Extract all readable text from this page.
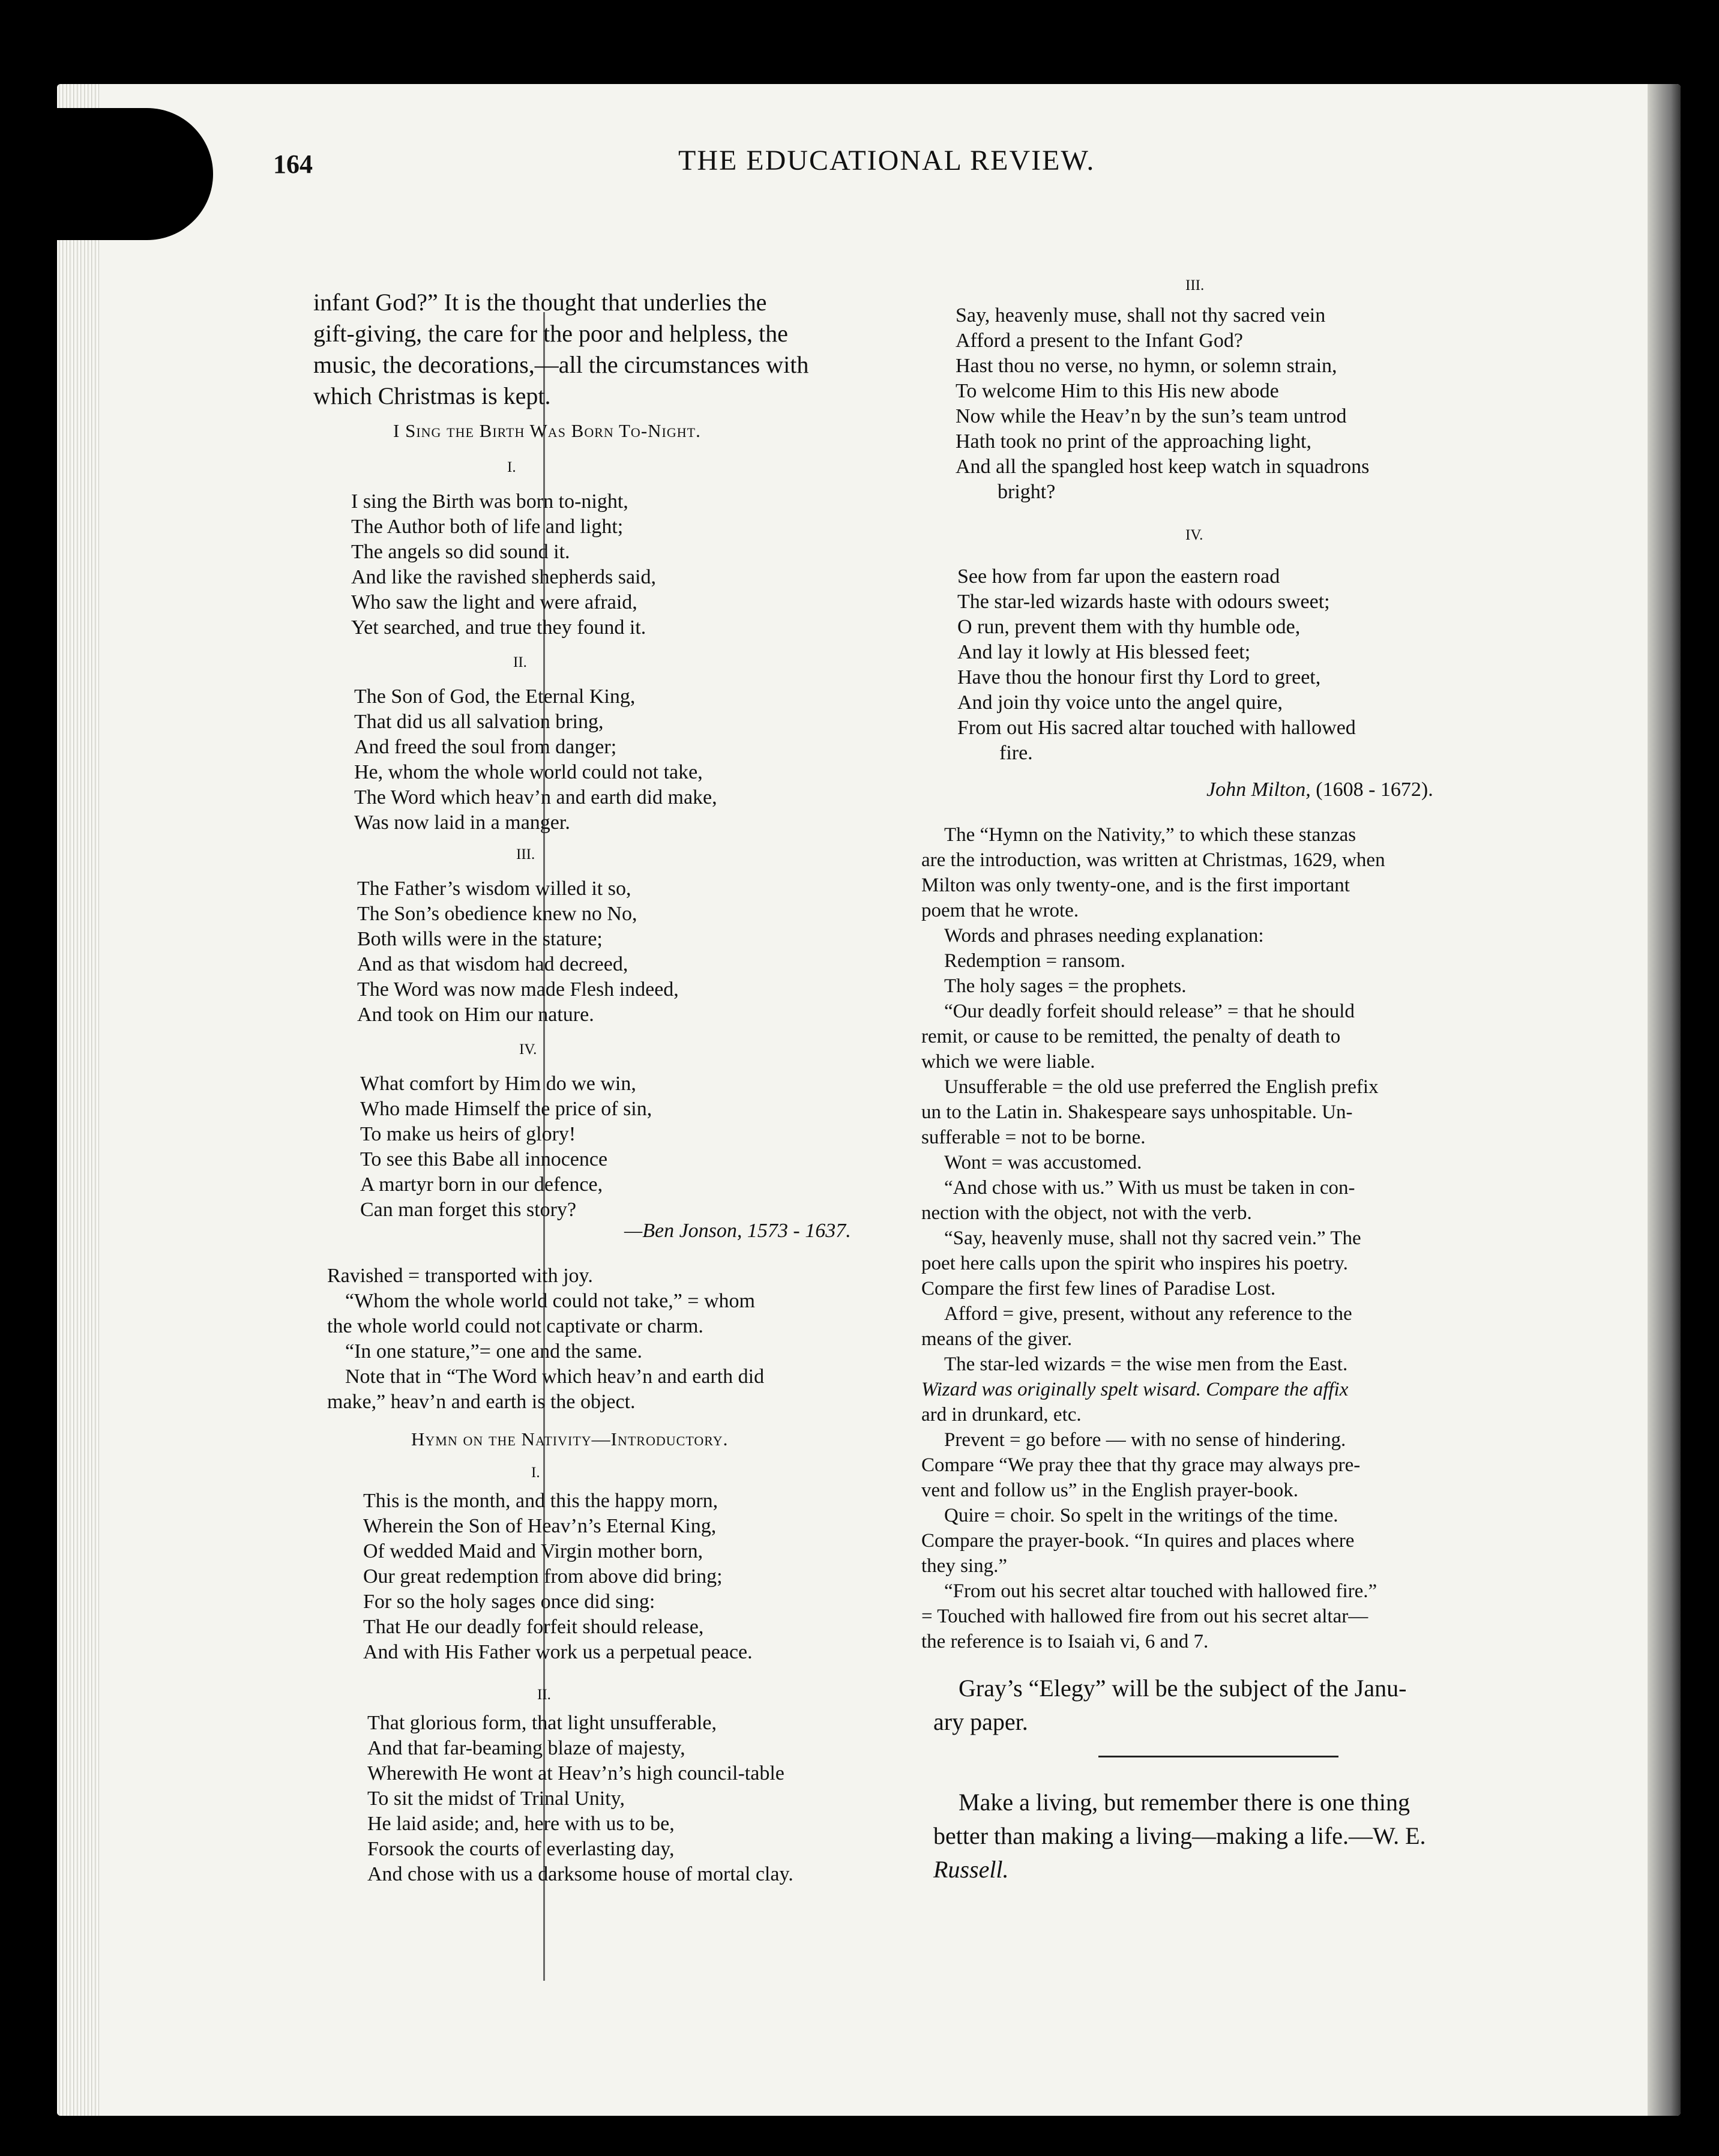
164	THE EDUCATIONAL REVIEW.
infant God?” It is the thought that underlies the
gift-giving, the care for the poor and helpless, the
music, the decorations,—all the circumstances with
which Christmas is kept.
I Sing the Birth Was Born To-Night.
I.
I sing the Birth was born to-night,
The Author both of life and light;
The angels so did sound it.
And like the ravished shepherds said,
Who saw the light and were afraid,
Yet searched, and true they found it.
II.
The Son of God, the Eternal King,
That did us all salvation bring,
And freed the soul from danger;
He, whom the whole world could not take,
The Word which heav’n and earth did make,
Was now laid in a manger.
III.
The Father’s wisdom willed it so,
The Son’s obedience knew no No,
Both wills were in the stature;
And as that wisdom had decreed,
The Word was now made Flesh indeed,
And took on Him our nature.
IV.
What comfort by Him do we win,
Who made Himself the price of sin,
To make us heirs of glory!
To see this Babe all innocence
A martyr born in our defence,
Can man forget this story?
—Ben Jonson, 1573 - 1637.
Ravished = transported with joy.
“Whom the whole world could not take,” = whom
the whole world could not captivate or charm.
“In one stature,”= one and the same.
Note that in “The Word which heav’n and earth did
make,” heav’n and earth is the object.
Hymn on the Nativity—Introductory.
I.
This is the month, and this the happy morn,
Wherein the Son of Heav’n’s Eternal King,
Of wedded Maid and Virgin mother born,
Our great redemption from above did bring;
For so the holy sages once did sing:
That He our deadly forfeit should release,
And with His Father work us a perpetual peace.
II.
That glorious form, that light unsufferable,
And that far-beaming blaze of majesty,
Wherewith He wont at Heav’n’s high council-table
To sit the midst of Trinal Unity,
He laid aside; and, here with us to be,
Forsook the courts of everlasting day,
And chose with us a darksome house of mortal clay.
III.
Say, heavenly muse, shall not thy sacred vein
Afford a present to the Infant God?
Hast thou no verse, no hymn, or solemn strain,
To welcome Him to this His new abode
Now while the Heav’n by the sun’s team untrod
Hath took no print of the approaching light,
And all the spangled host keep watch in squadrons
bright?
IV.
See how from far upon the eastern road
The star-led wizards haste with odours sweet;
O run, prevent them with thy humble ode,
And lay it lowly at His blessed feet;
Have thou the honour first thy Lord to greet,
And join thy voice unto the angel quire,
From out His sacred altar touched with hallowed
fire.
John Milton, (1608 - 1672).
The “Hymn on the Nativity,” to which these stanzas
are the introduction, was written at Christmas, 1629, when
Milton was only twenty-one, and is the first important
poem that he wrote.
Words and phrases needing explanation:
Redemption = ransom.
The holy sages = the prophets.
“Our deadly forfeit should release” = that he should
remit, or cause to be remitted, the penalty of death to
which we were liable.
Unsufferable = the old use preferred the English prefix
un to the Latin in. Shakespeare says unhospitable. Un-
sufferable = not to be borne.
Wont = was accustomed.
“And chose with us.” With us must be taken in con-
nection with the object, not with the verb.
“Say, heavenly muse, shall not thy sacred vein.” The
poet here calls upon the spirit who inspires his poetry.
Compare the first few lines of Paradise Lost.
Afford = give, present, without any reference to the
means of the giver.
The star-led wizards = the wise men from the East.
Wizard was originally spelt wisard. Compare the affix
ard in drunkard, etc.
Prevent = go before — with no sense of hindering.
Compare “We pray thee that thy grace may always pre-
vent and follow us” in the English prayer-book.
Quire = choir. So spelt in the writings of the time.
Compare the prayer-book. “In quires and places where
they sing.”
“From out his secret altar touched with hallowed fire.”
= Touched with hallowed fire from out his secret altar—
the reference is to Isaiah vi, 6 and 7.
Gray’s “Elegy” will be the subject of the Janu-
ary paper.
Make a living, but remember there is one thing
better than making a living—making a life.—W. E.
Russell.
